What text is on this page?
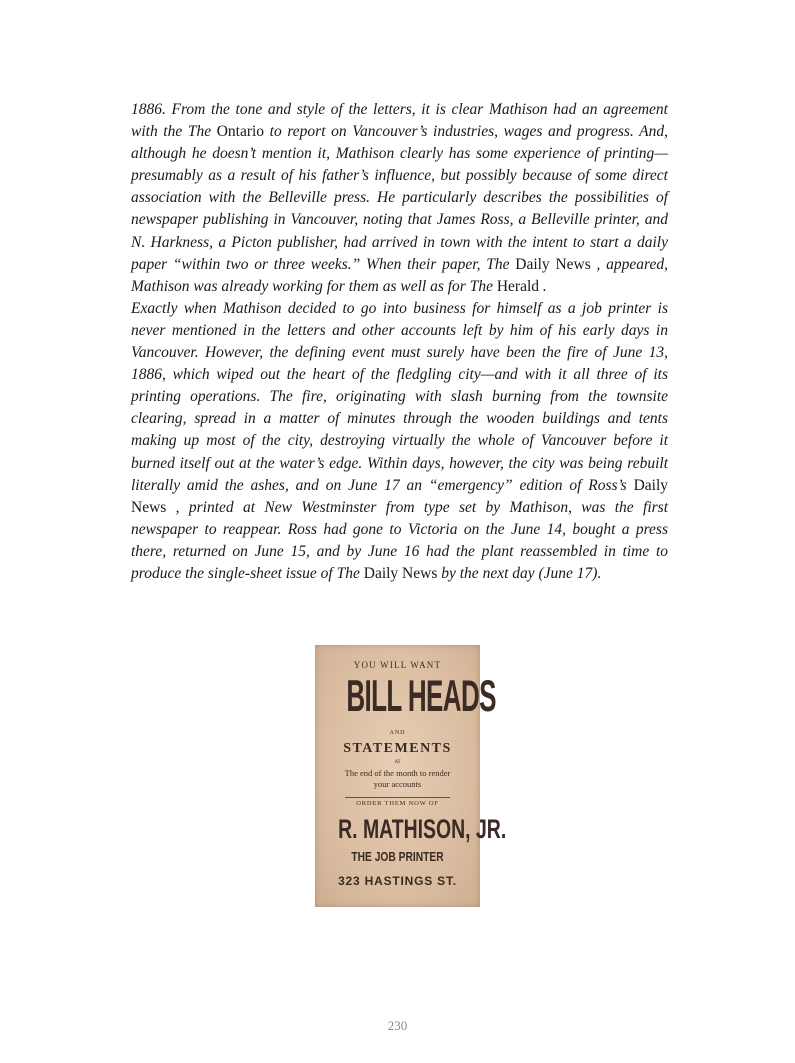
1886. From the tone and style of the letters, it is clear Mathison had an agreement with the The Ontario to report on Vancouver’s industries, wages and progress. And, although he doesn’t mention it, Mathison clearly has some experience of printing—presumably as a result of his father’s influence, but possibly because of some direct association with the Belleville press. He particularly describes the possibilities of newspaper publishing in Vancouver, noting that James Ross, a Belleville printer, and N. Harkness, a Picton publisher, had arrived in town with the intent to start a daily paper “within two or three weeks.” When their paper, The Daily News , appeared, Mathison was already working for them as well as for The Herald .

Exactly when Mathison decided to go into business for himself as a job printer is never mentioned in the letters and other accounts left by him of his early days in Vancouver. However, the defining event must surely have been the fire of June 13, 1886, which wiped out the heart of the fledgling city—and with it all three of its printing operations. The fire, originating with slash burning from the townsite clearing, spread in a matter of minutes through the wooden buildings and tents making up most of the city, destroying virtually the whole of Vancouver before it burned itself out at the water’s edge. Within days, however, the city was being rebuilt literally amid the ashes, and on June 17 an “emergency” edition of Ross’s Daily News , printed at New Westminster from type set by Mathison, was the first newspaper to reappear. Ross had gone to Victoria on the June 14, bought a press there, returned on June 15, and by June 16 had the plant reassembled in time to produce the single-sheet issue of The Daily News by the next day (June 17).

YOU WILL WANT
BILL HEADS
AND
STATEMENTS
AT
The end of the month to render
your accounts
ORDER THEM NOW OF
R. MATHISON, JR.
THE JOB PRINTER
323 HASTINGS ST.
230
